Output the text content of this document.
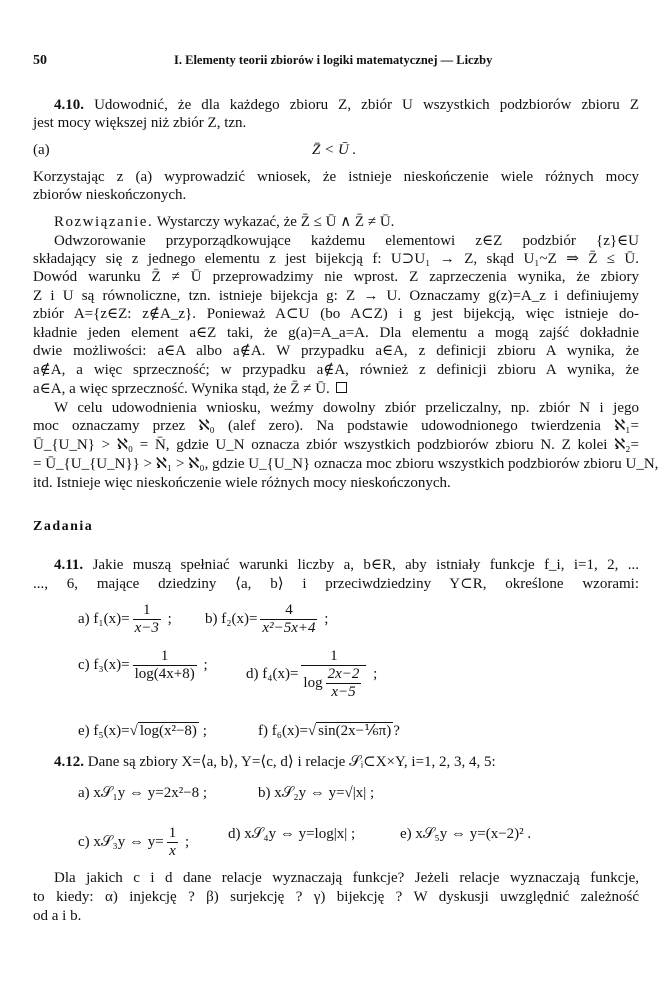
50	I. Elementy teorii zbiorów i logiki matematycznej — Liczby
4.10. Udowodnić, że dla każdego zbioru Z, zbiór U wszystkich podzbiorów zbioru Z
jest mocy większej niż zbiór Z, tzn.
(a)	Z̄ < Ū .
Korzystając z (a) wyprowadzić wniosek, że istnieje nieskończenie wiele różnych mocy
zbiorów nieskończonych.
Rozwiązanie. Wystarczy wykazać, że Z̄ ≤ Ū ∧ Z̄ ≠ Ū.
Odwzorowanie przyporządkowujące każdemu elementowi z∈Z podzbiór {z}∈U
składający się z jednego elementu z jest bijekcją f: U⊃U₁ → Z, skąd U₁~Z ⇒ Z̄ ≤ Ū.
Dowód warunku Z̄ ≠ Ū przeprowadzimy nie wprost. Z zaprzeczenia wynika, że zbiory
Z i U są równoliczne, tzn. istnieje bijekcja g: Z → U. Oznaczamy g(z)=A_z i definiujemy
zbiór A={z∈Z: z∉A_z}. Ponieważ A⊂U (bo A⊂Z) i g jest bijekcją, więc istnieje do-
kładnie jeden element a∈Z taki, że g(a)=A_a=A. Dla elementu a mogą zajść dokładnie
dwie możliwości: a∈A albo a∉A. W przypadku a∈A, z definicji zbioru A wynika, że
a∉A, a więc sprzeczność; w przypadku a∉A, również z definicji zbioru A wynika, że
a∈A, a więc sprzeczność. Wynika stąd, że Z̄ ≠ Ū.
W celu udowodnienia wniosku, weźmy dowolny zbiór przeliczalny, np. zbiór N i jego
moc oznaczamy przez ℵ₀ (alef zero). Na podstawie udowodnionego twierdzenia ℵ₁=
Ū_{U_N} > ℵ₀ = N̄, gdzie U_N oznacza zbiór wszystkich podzbiorów zbioru N. Z kolei ℵ₂=
= Ū_{U_{U_N}} > ℵ₁ > ℵ₀, gdzie U_{U_N} oznacza moc zbioru wszystkich podzbiorów zbioru U_N,
itd. Istnieje więc nieskończenie wiele różnych mocy nieskończonych.
Zadania
4.11. Jakie muszą spełniać warunki liczby a, b∈R, aby istniały funkcje f_i, i=1, 2, ...
..., 6, mające dziedziny ⟨a, b⟩ i przeciwdziedziny Y⊂R, określone wzorami:
a) $f_1(x)= \frac{1}{x-3}$ ; b) $f_2(x)= \frac{4}{\text{x²−5x+4}}$ ;
c) $f_3(x)= \frac{1}{\log(4x+8)}$ ;
d) $f_4(x)= \frac{1}{\log \frac{2x-2}{x-5}}$ ;
e) f₅(x)=√ log(x²−8) ;	f) f₆(x)=√ sin(2x−⅙π) ?
4.12. Dane są zbiory X=⟨a, b⟩, Y=⟨c, d⟩ i relacje 𝒮ᵢ⊂X×Y, i=1, 2, 3, 4, 5:
a) x𝒮₁y ⇔ y=2x²−8 ;	b) x𝒮₂y ⇔ y=√|x| ;
c) x𝒮₃y ⇔ $y= \frac{1}{x}$ ;	d) x𝒮₄y ⇔ y=log|x| ;	e) x𝒮₅y ⇔ y=(x−2)² .
Dla jakich c i d dane relacje wyznaczają funkcje? Jeżeli relacje wyznaczają funkcje,
to kiedy: α) injekcję ? β) surjekcję ? γ) bijekcję ? W dyskusji uwzględnić zależność
od a i b.
